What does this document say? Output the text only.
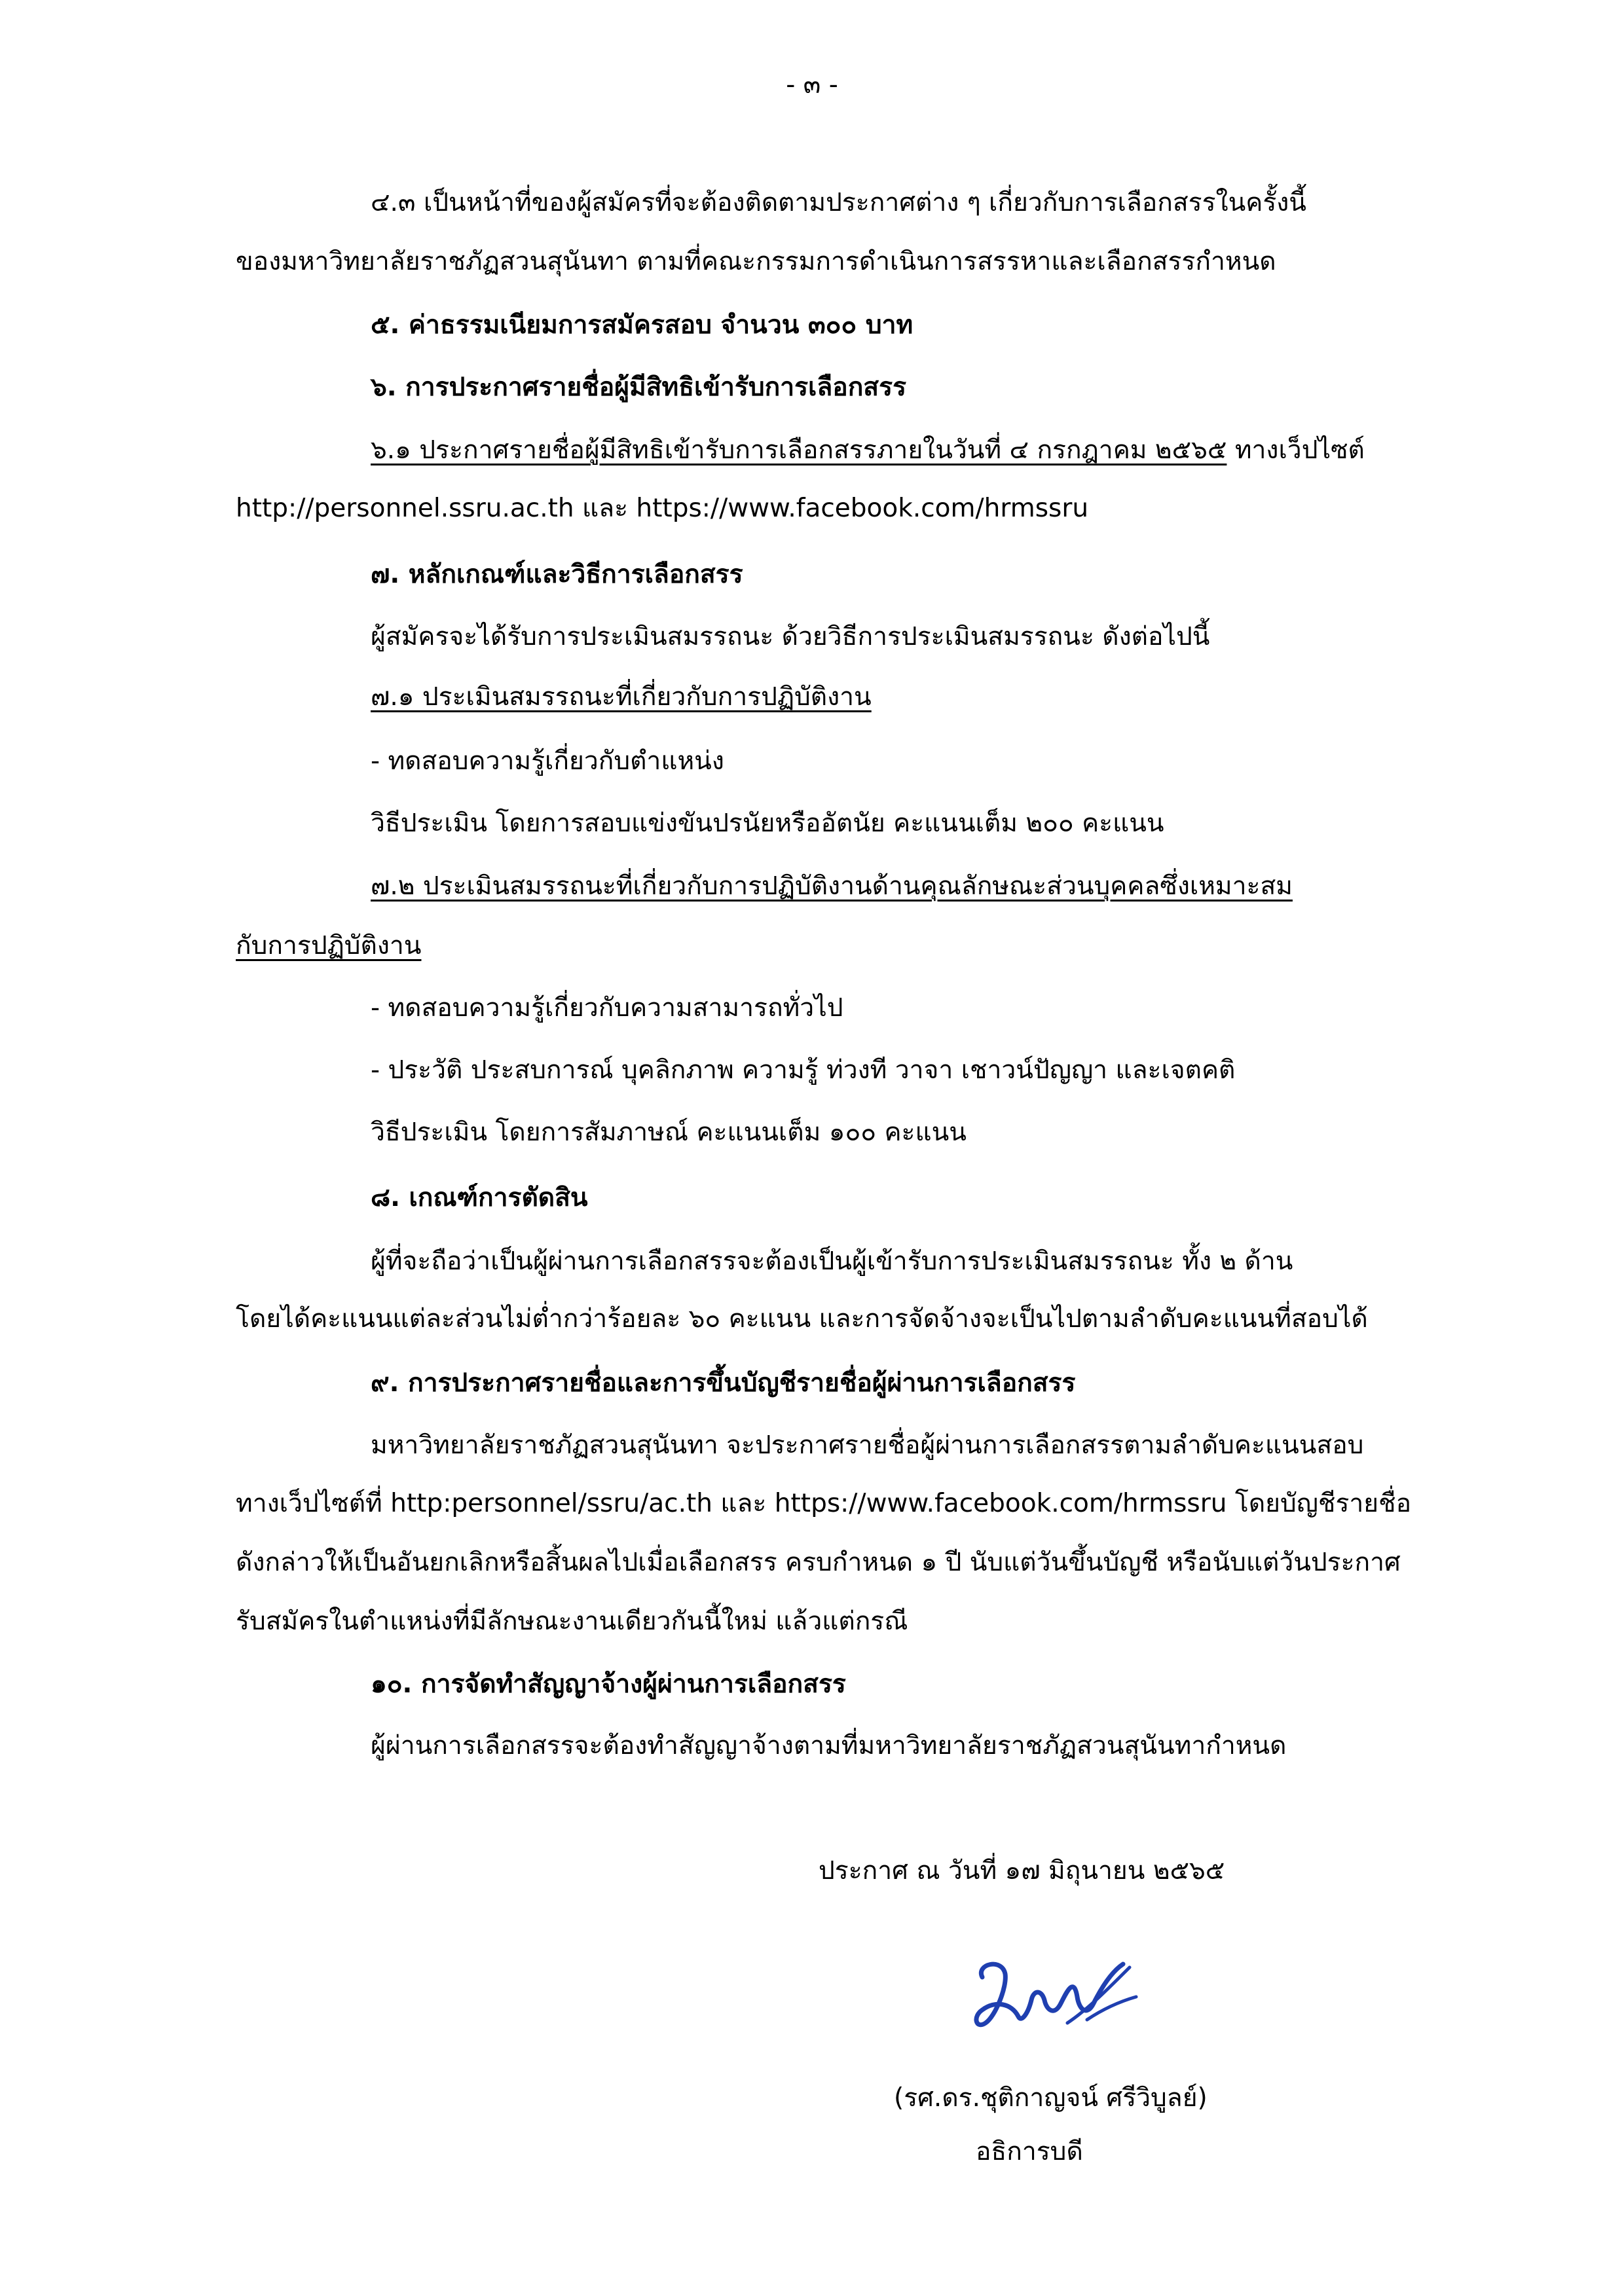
- ๓ -

๔.๓ เป็นหน้าที่ของผู้สมัครที่จะต้องติดตามประกาศต่าง ๆ เกี่ยวกับการเลือกสรรในครั้งนี้

ของมหาวิทยาลัยราชภัฏสวนสุนันทา ตามที่คณะกรรมการดำเนินการสรรหาและเลือกสรรกำหนด

๕. ค่าธรรมเนียมการสมัครสอบ จำนวน ๓๐๐ บาท

๖. การประกาศรายชื่อผู้มีสิทธิเข้ารับการเลือกสรร

๖.๑ ประกาศรายชื่อผู้มีสิทธิเข้ารับการเลือกสรรภายในวันที่ ๔ กรกฎาคม ๒๕๖๕ ทางเว็ปไซต์

http://personnel.ssru.ac.th และ https://www.facebook.com/hrmssru

๗. หลักเกณฑ์และวิธีการเลือกสรร

ผู้สมัครจะได้รับการประเมินสมรรถนะ ด้วยวิธีการประเมินสมรรถนะ ดังต่อไปนี้

๗.๑ ประเมินสมรรถนะที่เกี่ยวกับการปฏิบัติงาน

- ทดสอบความรู้เกี่ยวกับตำแหน่ง

วิธีประเมิน โดยการสอบแข่งขันปรนัยหรืออัตนัย คะแนนเต็ม ๒๐๐ คะแนน

๗.๒ ประเมินสมรรถนะที่เกี่ยวกับการปฏิบัติงานด้านคุณลักษณะส่วนบุคคลซึ่งเหมาะสม

กับการปฏิบัติงาน

- ทดสอบความรู้เกี่ยวกับความสามารถทั่วไป

- ประวัติ ประสบการณ์ บุคลิกภาพ ความรู้ ท่วงที วาจา เชาวน์ปัญญา และเจตคติ

วิธีประเมิน โดยการสัมภาษณ์ คะแนนเต็ม ๑๐๐ คะแนน

๘. เกณฑ์การตัดสิน

ผู้ที่จะถือว่าเป็นผู้ผ่านการเลือกสรรจะต้องเป็นผู้เข้ารับการประเมินสมรรถนะ ทั้ง ๒ ด้าน

โดยได้คะแนนแต่ละส่วนไม่ต่ำกว่าร้อยละ ๖๐ คะแนน และการจัดจ้างจะเป็นไปตามลำดับคะแนนที่สอบได้

๙. การประกาศรายชื่อและการขึ้นบัญชีรายชื่อผู้ผ่านการเลือกสรร

มหาวิทยาลัยราชภัฏสวนสุนันทา จะประกาศรายชื่อผู้ผ่านการเลือกสรรตามลำดับคะแนนสอบ

ทางเว็ปไซต์ที่ http:personnel/ssru/ac.th และ https://www.facebook.com/hrmssru โดยบัญชีรายชื่อ

ดังกล่าวให้เป็นอันยกเลิกหรือสิ้นผลไปเมื่อเลือกสรร ครบกำหนด ๑ ปี นับแต่วันขึ้นบัญชี หรือนับแต่วันประกาศ

รับสมัครในตำแหน่งที่มีลักษณะงานเดียวกันนี้ใหม่ แล้วแต่กรณี

๑๐. การจัดทำสัญญาจ้างผู้ผ่านการเลือกสรร

ผู้ผ่านการเลือกสรรจะต้องทำสัญญาจ้างตามที่มหาวิทยาลัยราชภัฏสวนสุนันทากำหนด

ประกาศ ณ วันที่ ๑๗ มิถุนายน ๒๕๖๕

(รศ.ดร.ชุติกาญจน์ ศรีวิบูลย์)

อธิการบดี
